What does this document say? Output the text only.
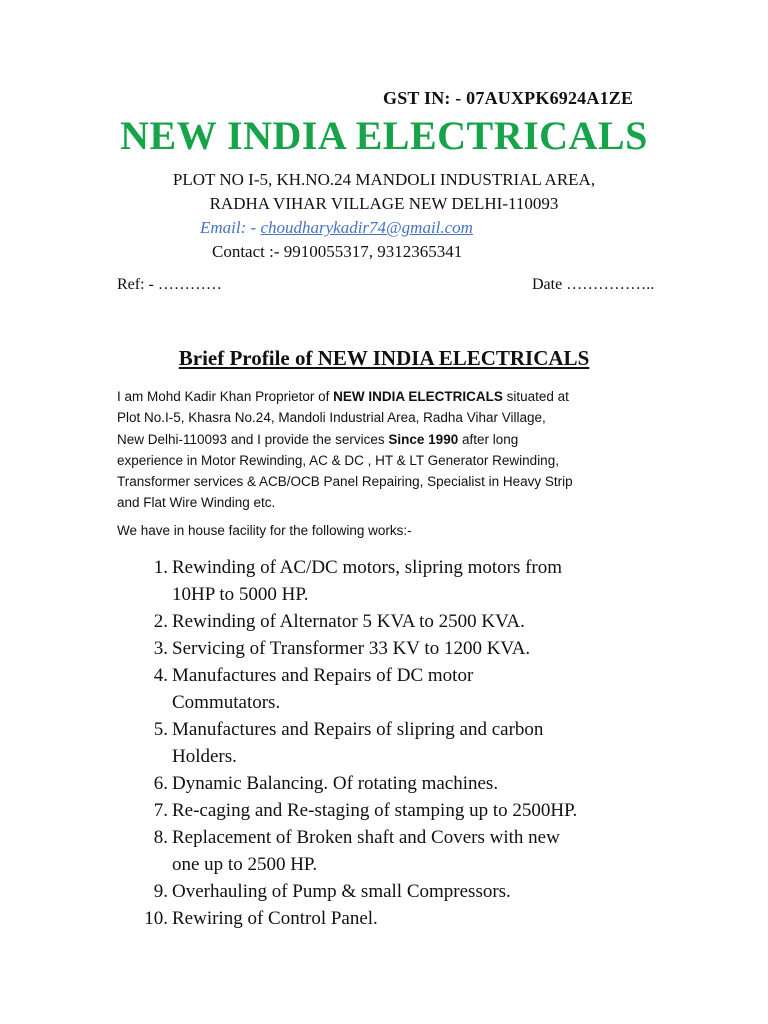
GST IN: - 07AUXPK6924A1ZE
NEW INDIA ELECTRICALS
PLOT NO I-5, KH.NO.24 MANDOLI INDUSTRIAL AREA,
RADHA VIHAR VILLAGE NEW DELHI-110093
Email: - choudharykadir74@gmail.com
Contact :- 9910055317, 9312365341
Ref: - …………	Date ……………..
Brief Profile of NEW INDIA ELECTRICALS
I am Mohd Kadir Khan Proprietor of NEW INDIA ELECTRICALS situated at
Plot No.I-5, Khasra No.24, Mandoli Industrial Area, Radha Vihar Village,
New Delhi-110093 and I provide the services Since 1990 after long
experience in Motor Rewinding, AC & DC , HT & LT Generator Rewinding,
Transformer services & ACB/OCB Panel Repairing, Specialist in Heavy Strip
and Flat Wire Winding etc.
We have in house facility for the following works:-
1. Rewinding of AC/DC motors, slipring motors from
10HP to 5000 HP.
2. Rewinding of Alternator 5 KVA to 2500 KVA.
3. Servicing of Transformer 33 KV to 1200 KVA.
4. Manufactures and Repairs of DC motor
Commutators.
5. Manufactures and Repairs of slipring and carbon
Holders.
6. Dynamic Balancing. Of rotating machines.
7. Re-caging and Re-staging of stamping up to 2500HP.
8. Replacement of Broken shaft and Covers with new
one up to 2500 HP.
9. Overhauling of Pump & small Compressors.
10. Rewiring of Control Panel.
